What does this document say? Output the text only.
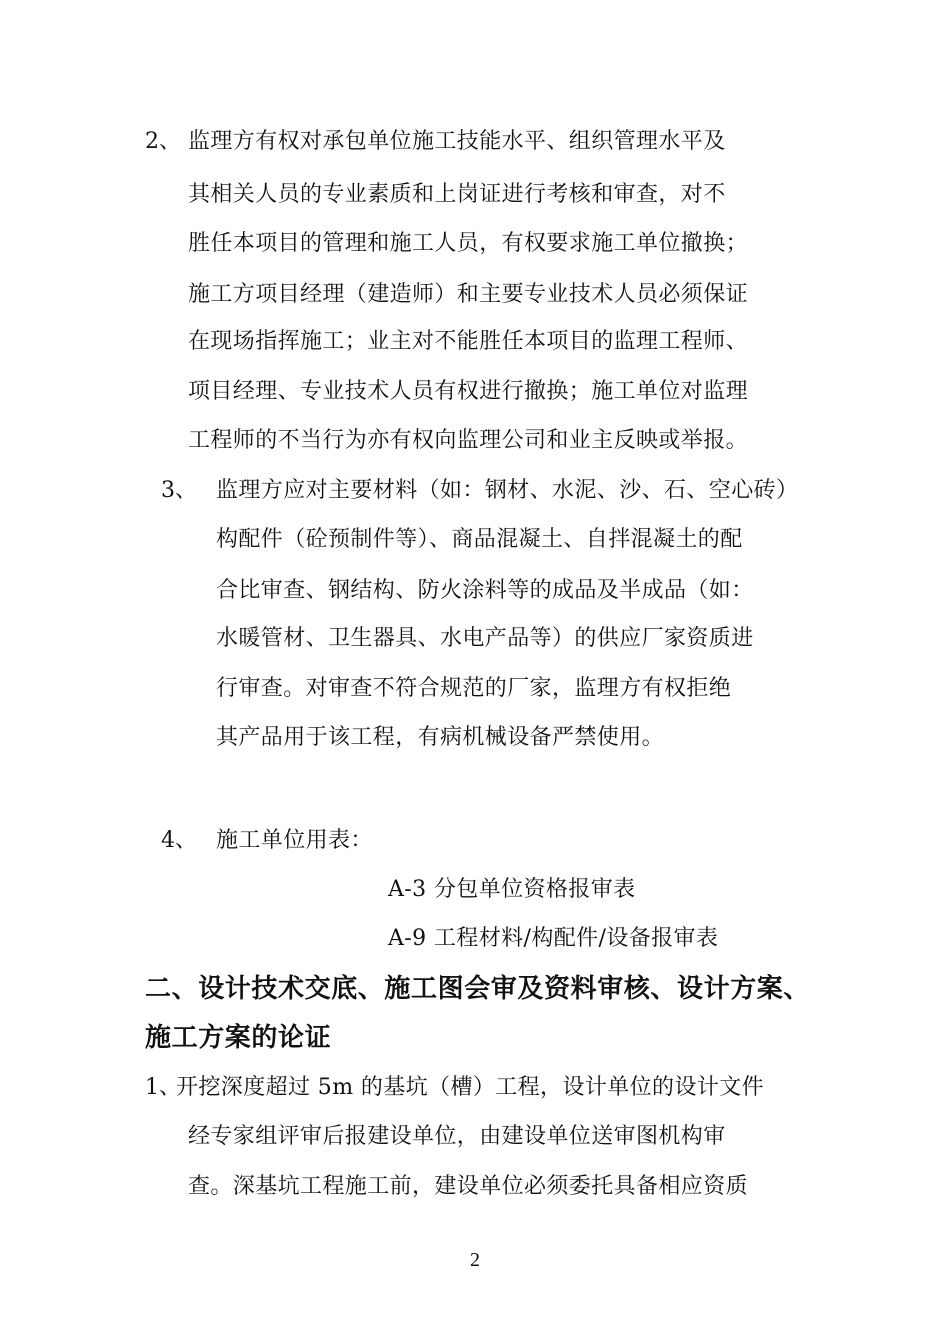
2、 监理方有权对承包单位施工技能水平、组织管理水平及
其相关人员的专业素质和上岗证进行考核和审查，对不
胜任本项目的管理和施工人员，有权要求施工单位撤换；
施工方项目经理（建造师）和主要专业技术人员必须保证
在现场指挥施工；业主对不能胜任本项目的监理工程师、
项目经理、专业技术人员有权进行撤换；施工单位对监理
工程师的不当行为亦有权向监理公司和业主反映或举报。
3、 监理方应对主要材料（如：钢材、水泥、沙、石、空心砖）
构配件（砼预制件等）、商品混凝土、自拌混凝土的配
合比审查、钢结构、防火涂料等的成品及半成品（如：
水暖管材、卫生器具、水电产品等）的供应厂家资质进
行审查。对审查不符合规范的厂家，监理方有权拒绝
其产品用于该工程，有病机械设备严禁使用。
4、 施工单位用表：
A-3 分包单位资格报审表
A-9 工程材料/构配件/设备报审表
二、设计技术交底、施工图会审及资料审核、设计方案、
施工方案的论证
1、
开挖深度超过 5m 的基坑（槽）工程，设计单位的设计文件
经专家组评审后报建设单位，由建设单位送审图机构审
查。深基坑工程施工前，建设单位必须委托具备相应资质
2
